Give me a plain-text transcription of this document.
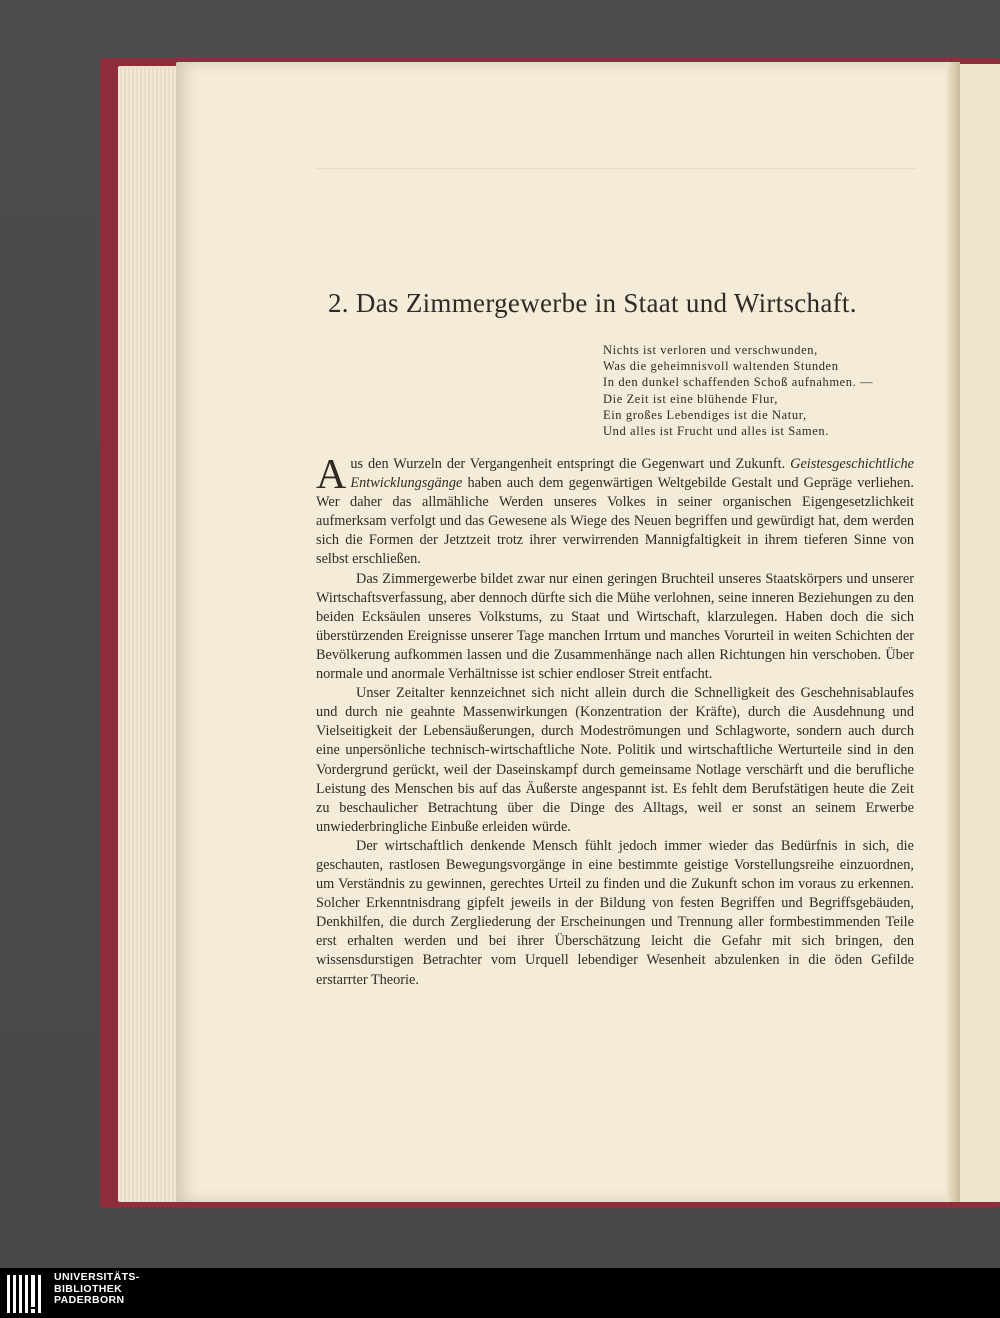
2. Das Zimmergewerbe in Staat und Wirtschaft.
Nichts ist verloren und verschwunden,
Was die geheimnisvoll waltenden Stunden
In den dunkel schaffenden Schoß aufnahmen. —
Die Zeit ist eine blühende Flur,
Ein großes Lebendiges ist die Natur,
Und alles ist Frucht und alles ist Samen.

Aus den Wurzeln der Vergangenheit entspringt die Gegenwart und Zukunft. Geistesgeschichtliche Entwicklungsgänge haben auch dem gegenwärtigen Weltgebilde Gestalt und Gepräge verliehen. Wer daher das allmähliche Werden unseres Volkes in seiner organischen Eigengesetzlichkeit aufmerksam verfolgt und das Gewesene als Wiege des Neuen begriffen und gewürdigt hat, dem werden sich die Formen der Jetztzeit trotz ihrer verwirrenden Mannigfaltigkeit in ihrem tieferen Sinne von selbst erschließen.

Das Zimmergewerbe bildet zwar nur einen geringen Bruchteil unseres Staatskörpers und unserer Wirtschaftsverfassung, aber dennoch dürfte sich die Mühe verlohnen, seine inneren Beziehungen zu den beiden Ecksäulen unseres Volkstums, zu Staat und Wirtschaft, klarzulegen. Haben doch die sich überstürzenden Ereignisse unserer Tage manchen Irrtum und manches Vorurteil in weiten Schichten der Bevölkerung aufkommen lassen und die Zusammenhänge nach allen Richtungen hin verschoben. Über normale und anormale Verhältnisse ist schier endloser Streit entfacht.

Unser Zeitalter kennzeichnet sich nicht allein durch die Schnelligkeit des Geschehnisablaufes und durch nie geahnte Massenwirkungen (Konzentration der Kräfte), durch die Ausdehnung und Vielseitigkeit der Lebensäußerungen, durch Modeströmungen und Schlagworte, sondern auch durch eine unpersönliche technisch-wirtschaftliche Note. Politik und wirtschaftliche Werturteile sind in den Vordergrund gerückt, weil der Daseinskampf durch gemeinsame Notlage verschärft und die berufliche Leistung des Menschen bis auf das Äußerste angespannt ist. Es fehlt dem Berufstätigen heute die Zeit zu beschaulicher Betrachtung über die Dinge des Alltags, weil er sonst an seinem Erwerbe unwiederbringliche Einbuße erleiden würde.

Der wirtschaftlich denkende Mensch fühlt jedoch immer wieder das Bedürfnis in sich, die geschauten, rastlosen Bewegungsvorgänge in eine bestimmte geistige Vorstellungsreihe einzuordnen, um Verständnis zu gewinnen, gerechtes Urteil zu finden und die Zukunft schon im voraus zu erkennen. Solcher Erkenntnisdrang gipfelt jeweils in der Bildung von festen Begriffen und Begriffsgebäuden, Denkhilfen, die durch Zergliederung der Erscheinungen und Trennung aller formbestimmenden Teile erst erhalten werden und bei ihrer Überschätzung leicht die Gefahr mit sich bringen, den wissensdurstigen Betrachter vom Urquell lebendiger Wesenheit abzulenken in die öden Gefilde erstarrter Theorie.

UNIVERSITÄTS-
BIBLIOTHEK
PADERBORN
